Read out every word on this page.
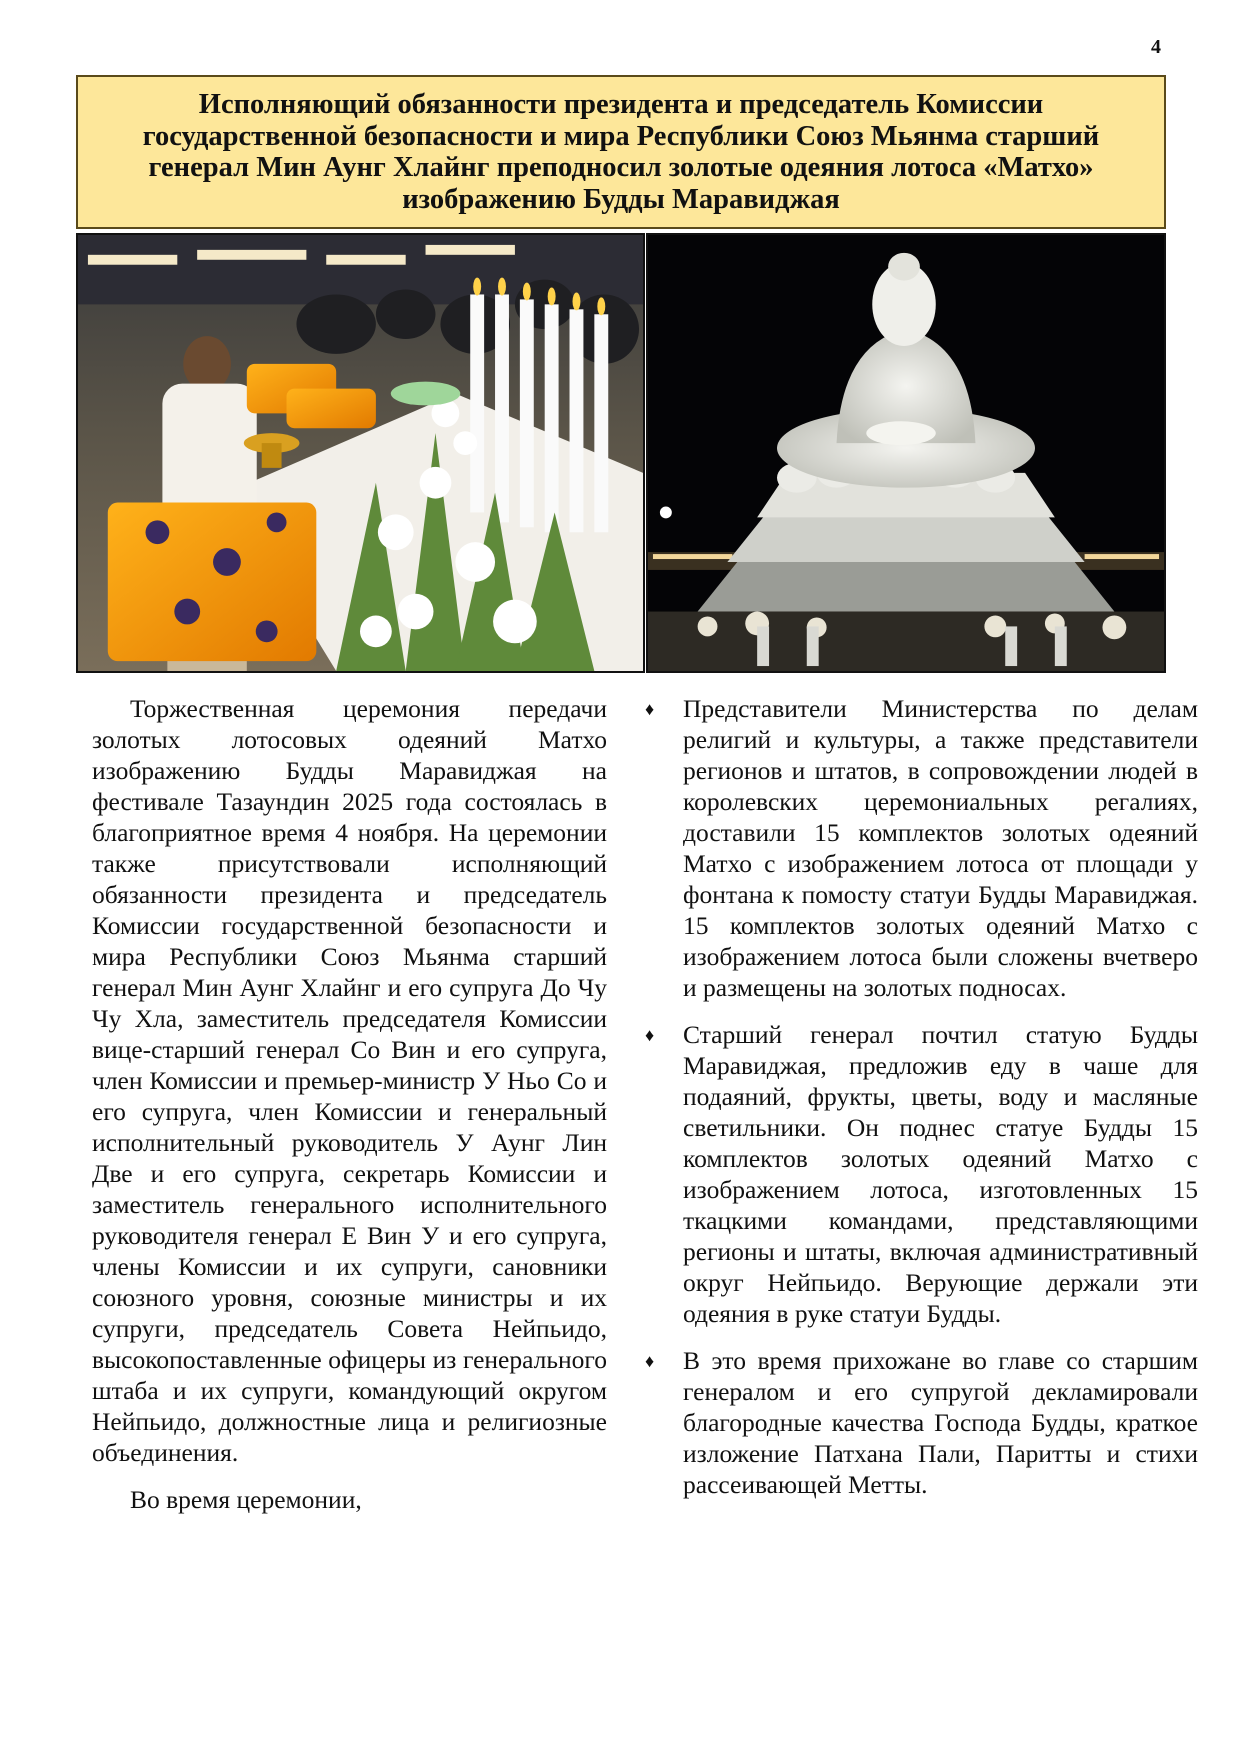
4
Исполняющий обязанности президента и председатель Комиссии государственной безопасности и мира Республики Союз Мьянма старший генерал Мин Аунг Хлайнг преподносил золотые одеяния лотоса «Матхо» изображению Будды Маравиджая

Торжественная церемония передачи золотых лотосовых одеяний Матхо изображению Будды Маравиджая на фестивале Тазаундин 2025 года состоялась в благоприятное время 4 ноября. На церемонии также присутствовали исполняющий обязанности президента и председатель Комиссии государственной безопасности и мира Республики Союз Мьянма старший генерал Мин Аунг Хлайнг и его супруга До Чу Чу Хла, заместитель председателя Комиссии вице-старший генерал Со Вин и его супруга, член Комиссии и премьер-министр У Ньо Со и его супруга, член Комиссии и генеральный исполнительный руководитель У Аунг Лин Две и его супруга, секретарь Комиссии и заместитель генерального исполнительного руководителя генерал Е Вин У и его супруга, члены Комиссии и их супруги, сановники союзного уровня, союзные министры и их супруги, председатель Совета Нейпьидо, высокопоставленные офицеры из генерального штаба и их супруги, командующий округом Нейпьидо, должностные лица и религиозные объединения.

Во время церемонии,

♦ Представители Министерства по делам религий и культуры, а также представители регионов и штатов, в сопровождении людей в королевских церемониальных регалиях, доставили 15 комплектов золотых одеяний Матхо с изображением лотоса от площади у фонтана к помосту статуи Будды Маравиджая. 15 комплектов золотых одеяний Матхо с изображением лотоса были сложены вчетверо и размещены на золотых подносах.

♦ Старший генерал почтил статую Будды Маравиджая, предложив еду в чаше для подаяний, фрукты, цветы, воду и масляные светильники. Он поднес статуе Будды 15 комплектов золотых одеяний Матхо с изображением лотоса, изготовленных 15 ткацкими командами, представляющими регионы и штаты, включая административный округ Нейпьидо. Верующие держали эти одеяния в руке статуи Будды.

♦ В это время прихожане во главе со старшим генералом и его супругой декламировали благородные качества Господа Будды, краткое изложение Патхана Пали, Паритты и стихи рассеивающей Метты.
